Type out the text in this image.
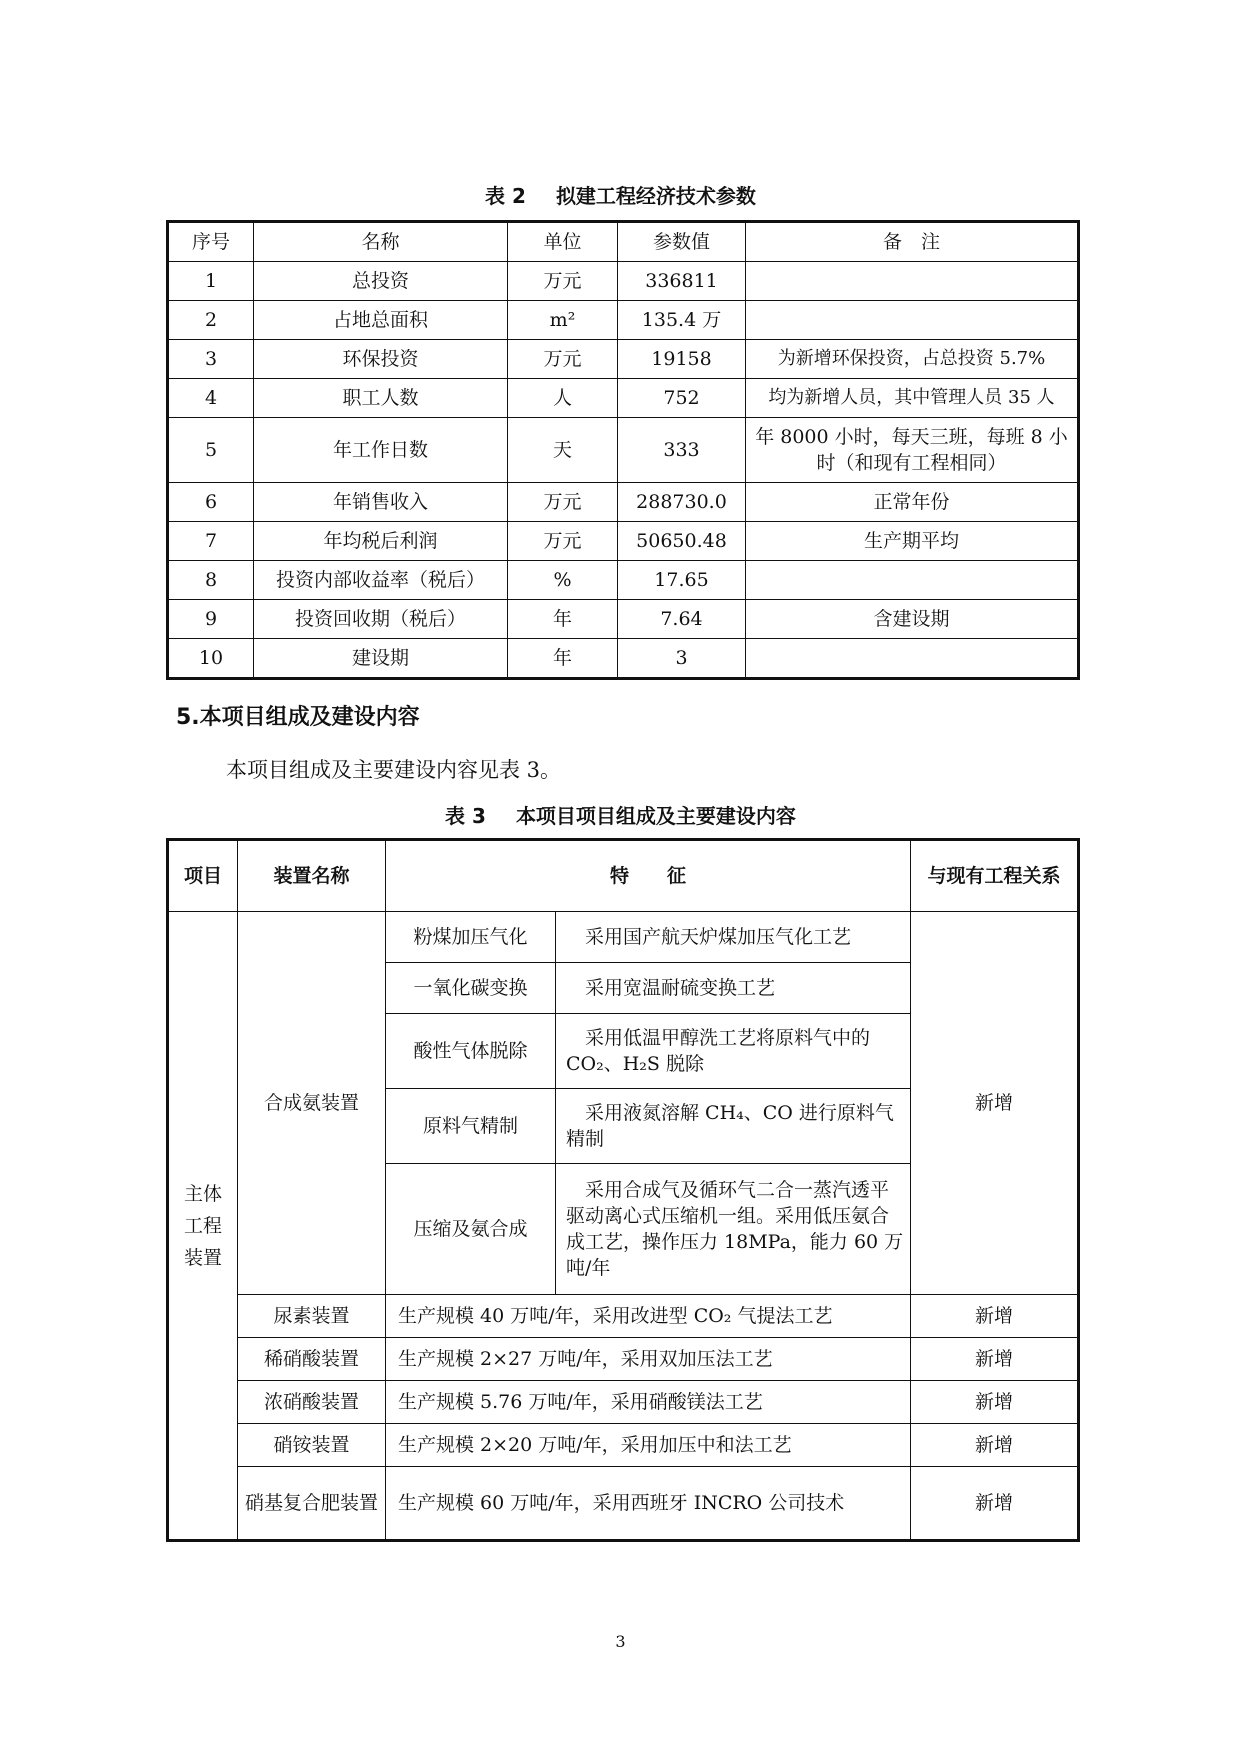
表 2 拟建工程经济技术参数
序号	名称	单位	参数值	备　注
1	总投资	万元	336811	
2	占地总面积	m²	135.4 万	
3	环保投资	万元	19158	为新增环保投资，占总投资 5.7%
4	职工人数	人	752	均为新增人员，其中管理人员 35 人
5	年工作日数	天	333	年 8000 小时，每天三班，每班 8 小时（和现有工程相同）
6	年销售收入	万元	288730.0	正常年份
7	年均税后利润	万元	50650.48	生产期平均
8	投资内部收益率（税后）	%	17.65	
9	投资回收期（税后）	年	7.64	含建设期
10	建设期	年	3	
5.本项目组成及建设内容
本项目组成及主要建设内容见表 3。
表 3 本项目项目组成及主要建设内容
项目	装置名称	特　　征		与现有工程关系
主体工程装置	合成氨装置	粉煤加压气化	　采用国产航天炉煤加压气化工艺	新增
		一氧化碳变换	　采用宽温耐硫变换工艺	
		酸性气体脱除	　采用低温甲醇洗工艺将原料气中的 CO₂、H₂S 脱除	
		原料气精制	　采用液氮溶解 CH₄、CO 进行原料气精制	
		压缩及氨合成	　采用合成气及循环气二合一蒸汽透平驱动离心式压缩机一组。采用低压氨合成工艺，操作压力 18MPa，能力 60 万吨/年	
	尿素装置	生产规模 40 万吨/年，采用改进型 CO₂ 气提法工艺		新增
	稀硝酸装置	生产规模 2×27 万吨/年，采用双加压法工艺		新增
	浓硝酸装置	生产规模 5.76 万吨/年，采用硝酸镁法工艺		新增
	硝铵装置	生产规模 2×20 万吨/年，采用加压中和法工艺		新增
	硝基复合肥装置	生产规模 60 万吨/年，采用西班牙 INCRO 公司技术		新增
3
